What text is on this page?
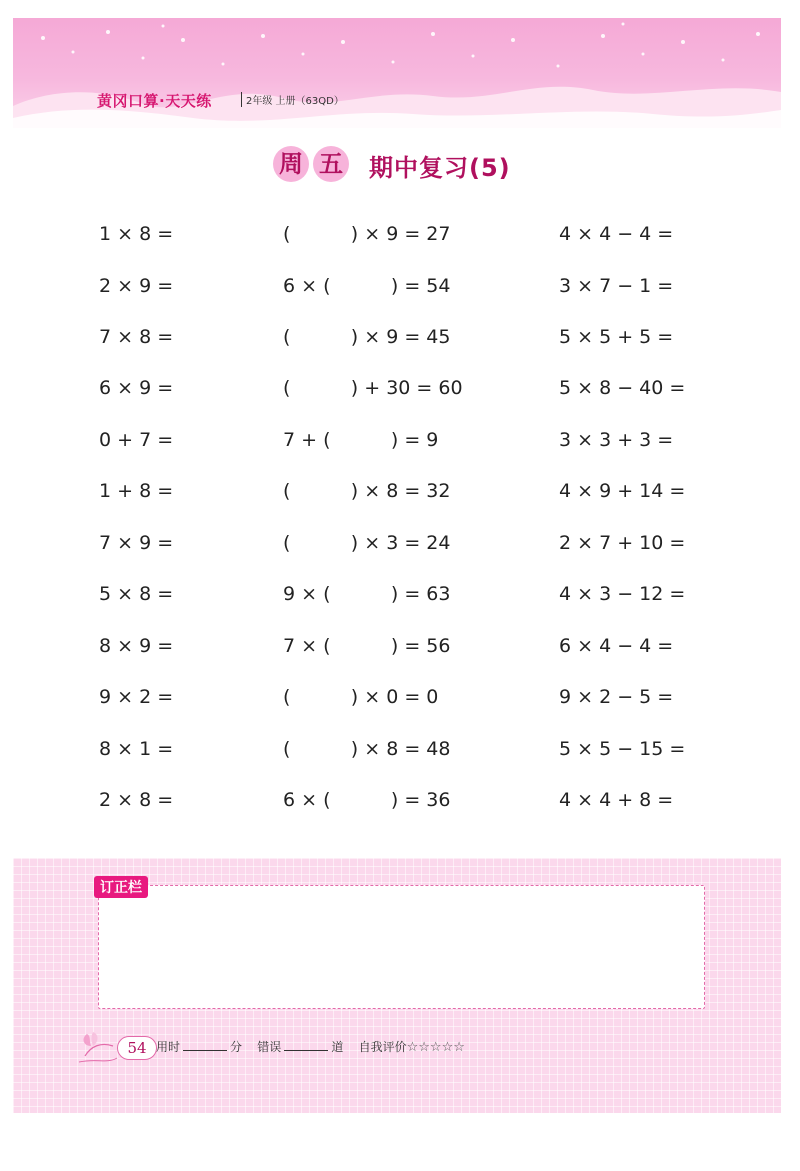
黄冈口算·天天练	2年级 上册（63QD）
周 五 期中复习(5)
1 × 8 =	(          ) × 9 = 27	4 × 4 − 4 =
2 × 9 =	6 × (          ) = 54	3 × 7 − 1 =
7 × 8 =	(          ) × 9 = 45	5 × 5 + 5 =
6 × 9 =	(          ) + 30 = 60	5 × 8 − 40 =
0 + 7 =	7 + (          ) = 9	3 × 3 + 3 =
1 + 8 =	(          ) × 8 = 32	4 × 9 + 14 =
7 × 9 =	(          ) × 3 = 24	2 × 7 + 10 =
5 × 8 =	9 × (          ) = 63	4 × 3 − 12 =
8 × 9 =	7 × (          ) = 56	6 × 4 − 4 =
9 × 2 =	(          ) × 0 = 0	9 × 2 − 5 =
8 × 1 =	(          ) × 8 = 48	5 × 5 − 15 =
2 × 8 =	6 × (          ) = 36	4 × 4 + 8 =
订正栏
54 用时	分 错误	道 自我评价☆☆☆☆☆
